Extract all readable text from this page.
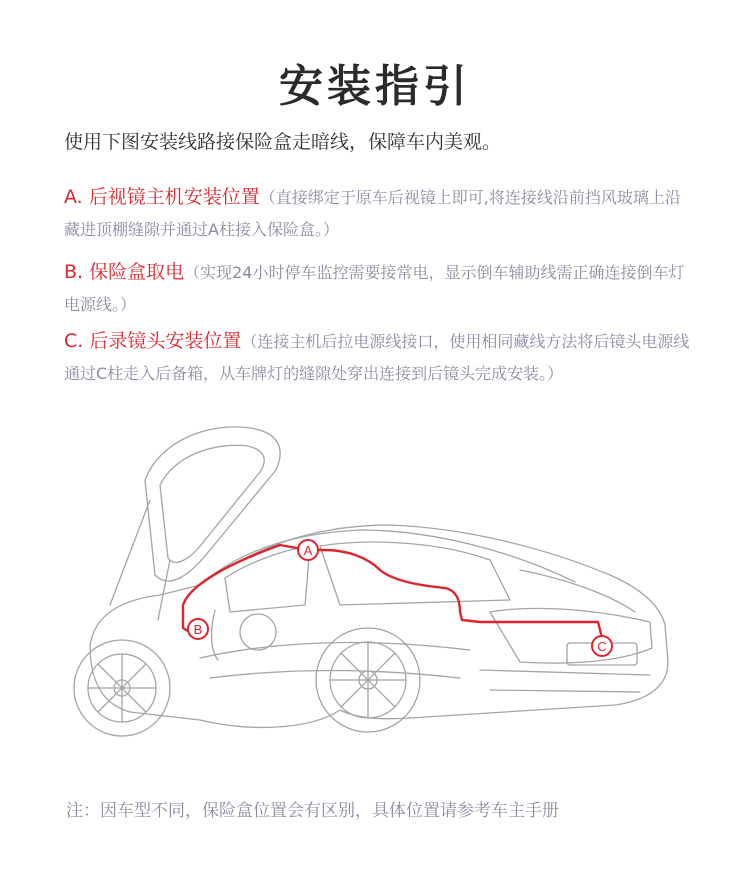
安装指引
使用下图安装线路接保险盒走暗线，保障车内美观。
A. 后视镜主机安装位置（直接绑定于原车后视镜上即可,将连接线沿前挡风玻璃上沿藏进顶棚缝隙并通过A柱接入保险盒。）
B. 保险盒取电（实现24小时停车监控需要接常电，显示倒车辅助线需正确连接倒车灯电源线。）
C. 后录镜头安装位置（连接主机后拉电源线接口，使用相同藏线方法将后镜头电源线通过C柱走入后备箱，从车牌灯的缝隙处穿出连接到后镜头完成安装。）
A
B
C
注：因车型不同，保险盒位置会有区别，具体位置请参考车主手册
